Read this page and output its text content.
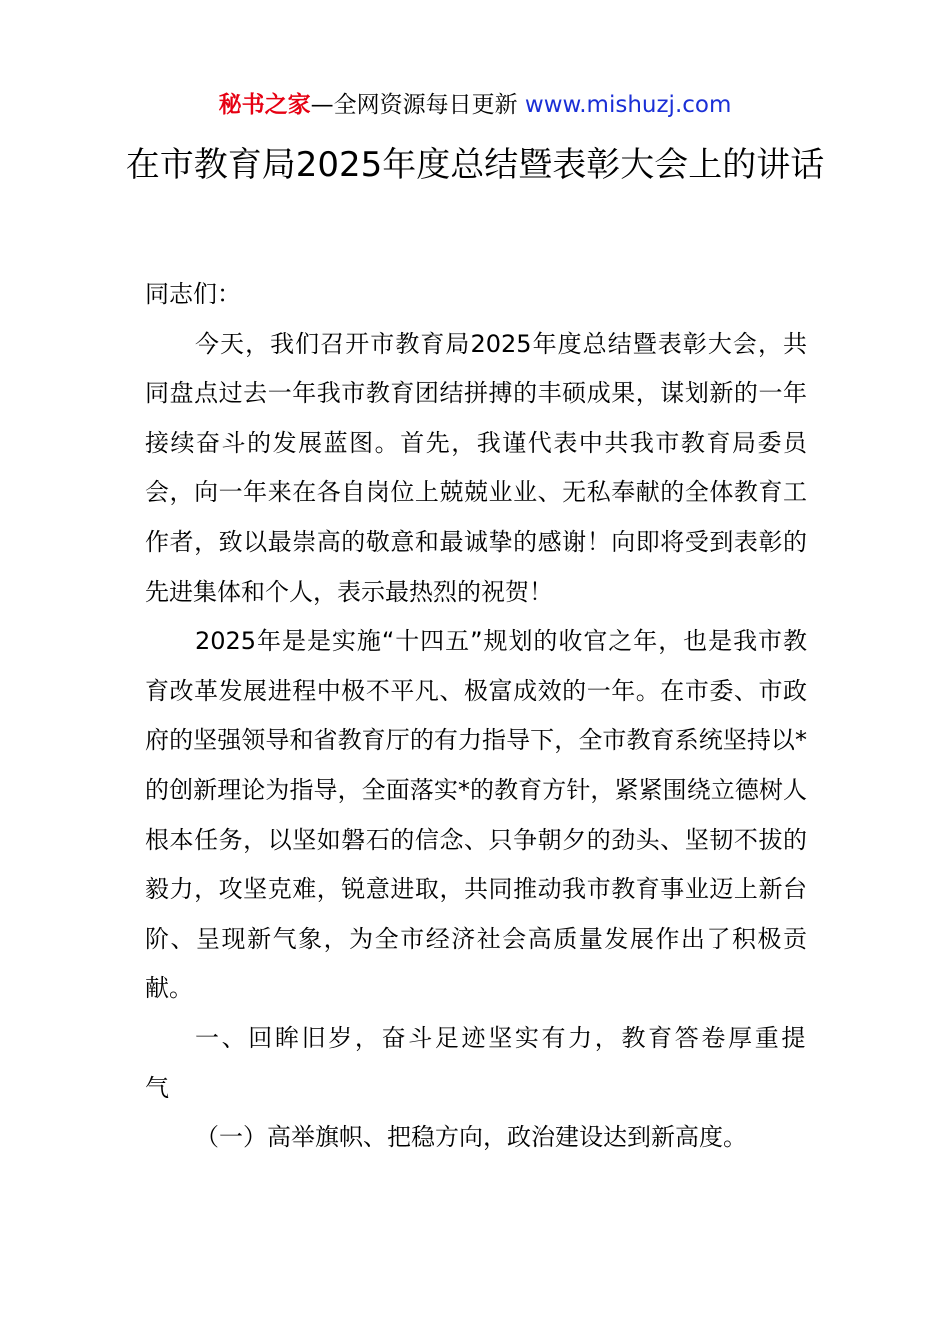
秘书之家—全网资源每日更新 www.mishuzj.com
在市教育局2025年度总结暨表彰大会上的讲话

同志们：

今天，我们召开市教育局2025年度总结暨表彰大会，共同盘点过去一年我市教育团结拼搏的丰硕成果，谋划新的一年接续奋斗的发展蓝图。首先，我谨代表中共我市教育局委员会，向一年来在各自岗位上兢兢业业、无私奉献的全体教育工作者，致以最崇高的敬意和最诚挚的感谢！向即将受到表彰的先进集体和个人，表示最热烈的祝贺！

2025年是是实施“十四五”规划的收官之年，也是我市教育改革发展进程中极不平凡、极富成效的一年。在市委、市政府的坚强领导和省教育厅的有力指导下，全市教育系统坚持以*的创新理论为指导，全面落实*的教育方针，紧紧围绕立德树人根本任务，以坚如磐石的信念、只争朝夕的劲头、坚韧不拔的毅力，攻坚克难，锐意进取，共同推动我市教育事业迈上新台阶、呈现新气象，为全市经济社会高质量发展作出了积极贡献。

一、回眸旧岁，奋斗足迹坚实有力，教育答卷厚重提气

（一）高举旗帜、把稳方向，政治建设达到新高度。
